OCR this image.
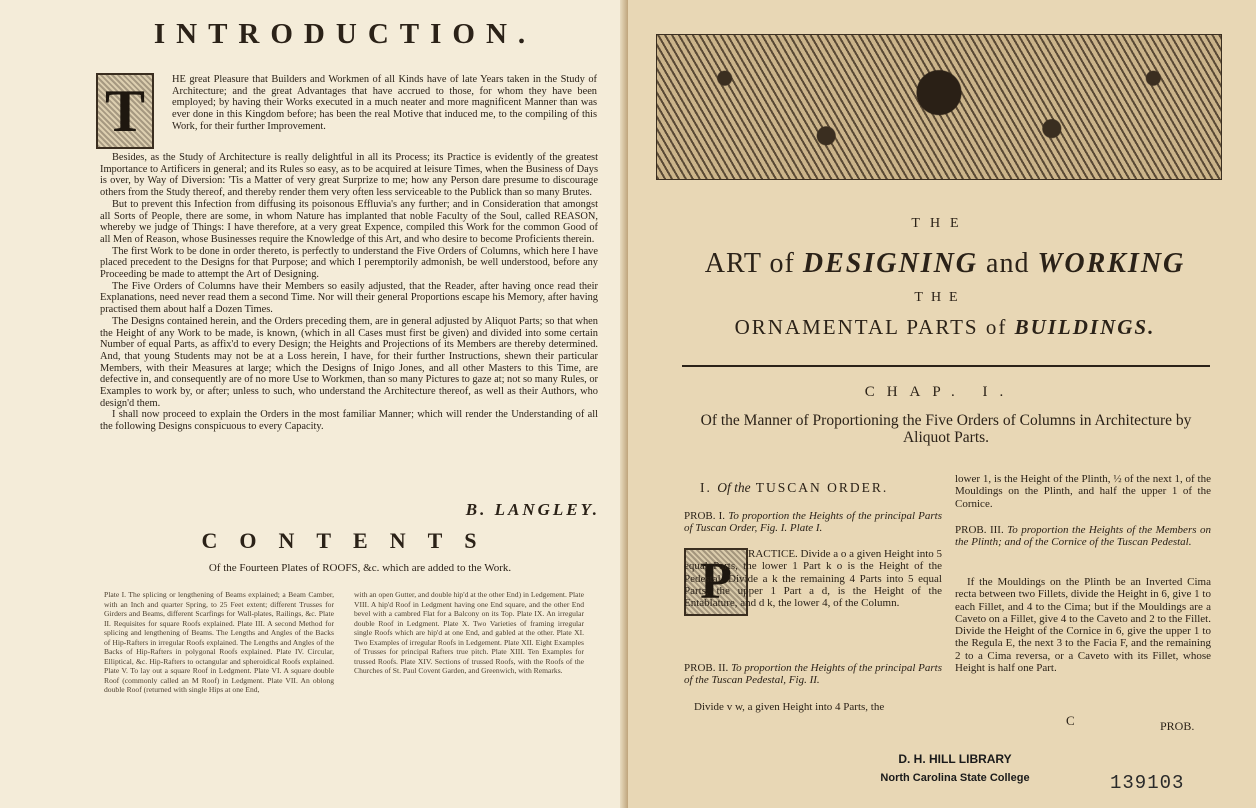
INTRODUCTION.
T	HE great Pleasure that Builders and Workmen of all Kinds have of late Years taken in the Study of Architecture; and the great Advantages that have accrued to those, for whom they have been employed; by having their Works executed in a much neater and more magnificent Manner than was ever done in this Kingdom before; has been the real Motive that induced me, to the compiling of this Work, for their further Improvement.

Besides, as the Study of Architecture is really delightful in all its Process; its Practice is evidently of the greatest Importance to Artificers in general; and its Rules so easy, as to be acquired at leisure Times, when the Business of Days is over, by Way of Diversion: 'Tis a Matter of very great Surprize to me; how any Person dare presume to discourage others from the Study thereof, and thereby render them very often less serviceable to the Publick than so many Brutes.

But to prevent this Infection from diffusing its poisonous Effluvia's any further; and in Consideration that amongst all Sorts of People, there are some, in whom Nature has implanted that noble Faculty of the Soul, called REASON, whereby we judge of Things: I have therefore, at a very great Expence, compiled this Work for the common Good of all Men of Reason, whose Businesses require the Knowledge of this Art, and who desire to become Proficients therein.

The first Work to be done in order thereto, is perfectly to understand the Five Orders of Columns, which here I have placed precedent to the Designs for that Purpose; and which I peremptorily admonish, be well understood, before any Proceeding be made to attempt the Art of Designing.

The Five Orders of Columns have their Members so easily adjusted, that the Reader, after having once read their Explanations, need never read them a second Time. Nor will their general Proportions escape his Memory, after having practised them about half a Dozen Times.

The Designs contained herein, and the Orders preceding them, are in general adjusted by Aliquot Parts; so that when the Height of any Work to be made, is known, (which in all Cases must first be given) and divided into some certain Number of equal Parts, as affix'd to every Design; the Heights and Projections of its Members are thereby determined. And, that young Students may not be at a Loss herein, I have, for their further Instructions, shewn their particular Members, with their Measures at large; which the Designs of Inigo Jones, and all other Masters to this Time, are defective in, and consequently are of no more Use to Workmen, than so many Pictures to gaze at; not so many Rules, or Examples to work by, or after; unless to such, who understand the Architecture thereof, as well as their Authors, who design'd them.

I shall now proceed to explain the Orders in the most familiar Manner; which will render the Understanding of all the following Designs conspicuous to every Capacity.

B. LANGLEY.
CONTENTS
Of the Fourteen Plates of ROOFS, &c. which are added to the Work.

Plate I. The splicing or lengthening of Beams explained; a Beam Camber, with an Inch and quarter Spring, to 25 Feet extent; different Trusses for Girders and Beams, different Scarfings for Wall-plates, Railings, &c. Plate II. Requisites for square Roofs explained. Plate III. A second Method for splicing and lengthening of Beams. The Lengths and Angles of the Backs of Hip-Rafters in irregular Roofs explained. The Lengths and Angles of the Backs of Hip-Rafters in polygonal Roofs explained. Plate IV. Circular, Elliptical, &c. Hip-Rafters to octangular and spheroidical Roofs explained. Plate V. To lay out a square Roof in Ledgment. Plate VI. A square double Roof (commonly called an M Roof) in Ledgment. Plate VII. An oblong double Roof (returned with single Hips at one End,

with an open Gutter, and double hip'd at the other End) in Ledgement. Plate VIII. A hip'd Roof in Ledgment having one End square, and the other End bevel with a cambred Flat for a Balcony on its Top. Plate IX. An irregular double Roof in Ledgment. Plate X. Two Varieties of framing irregular single Roofs which are hip'd at one End, and gabled at the other. Plate XI. Two Examples of irregular Roofs in Ledgement. Plate XII. Eight Examples of Trusses for principal Rafters true pitch. Plate XIII. Ten Examples for trussed Roofs. Plate XIV. Sections of trussed Roofs, with the Roofs of the Churches of St. Paul Covent Garden, and Greenwich, with Remarks.

THE
ART of DESIGNING and WORKING
THE
ORNAMENTAL PARTS of BUILDINGS.
CHAP. I.
Of the Manner of Proportioning the Five Orders of Columns in Architecture by Aliquot Parts.
I. Of the TUSCAN ORDER.

PROB. I. To proportion the Heights of the principal Parts of Tuscan Order, Fig. I. Plate I.

P	RACTICE. Divide a o a given Height into 5 equal Parts, the lower 1 Part k o is the Height of the Pedestal. Divide a k the remaining 4 Parts into 5 equal Parts, the upper 1 Part a d, is the Height of the Entablature, and d k, the lower 4, of the Column.

PROB. II. To proportion the Heights of the principal Parts of the Tuscan Pedestal, Fig. II.

Divide v w, a given Height into 4 Parts, the

lower 1, is the Height of the Plinth, ½ of the next 1, of the Mouldings on the Plinth, and half the upper 1 of the Cornice.

PROB. III. To proportion the Heights of the Members on the Plinth; and of the Cornice of the Tuscan Pedestal.

If the Mouldings on the Plinth be an Inverted Cima recta between two Fillets, divide the Height in 6, give 1 to each Fillet, and 4 to the Cima; but if the Mouldings are a Caveto on a Fillet, give 4 to the Caveto and 2 to the Fillet. Divide the Height of the Cornice in 6, give the upper 1 to the Regula E, the next 3 to the Facia F, and the remaining 2 to a Cima reversa, or a Caveto with its Fillet, whose Height is half one Part.

C	PROB.
D. H. HILL LIBRARY
North Carolina State College	139103
